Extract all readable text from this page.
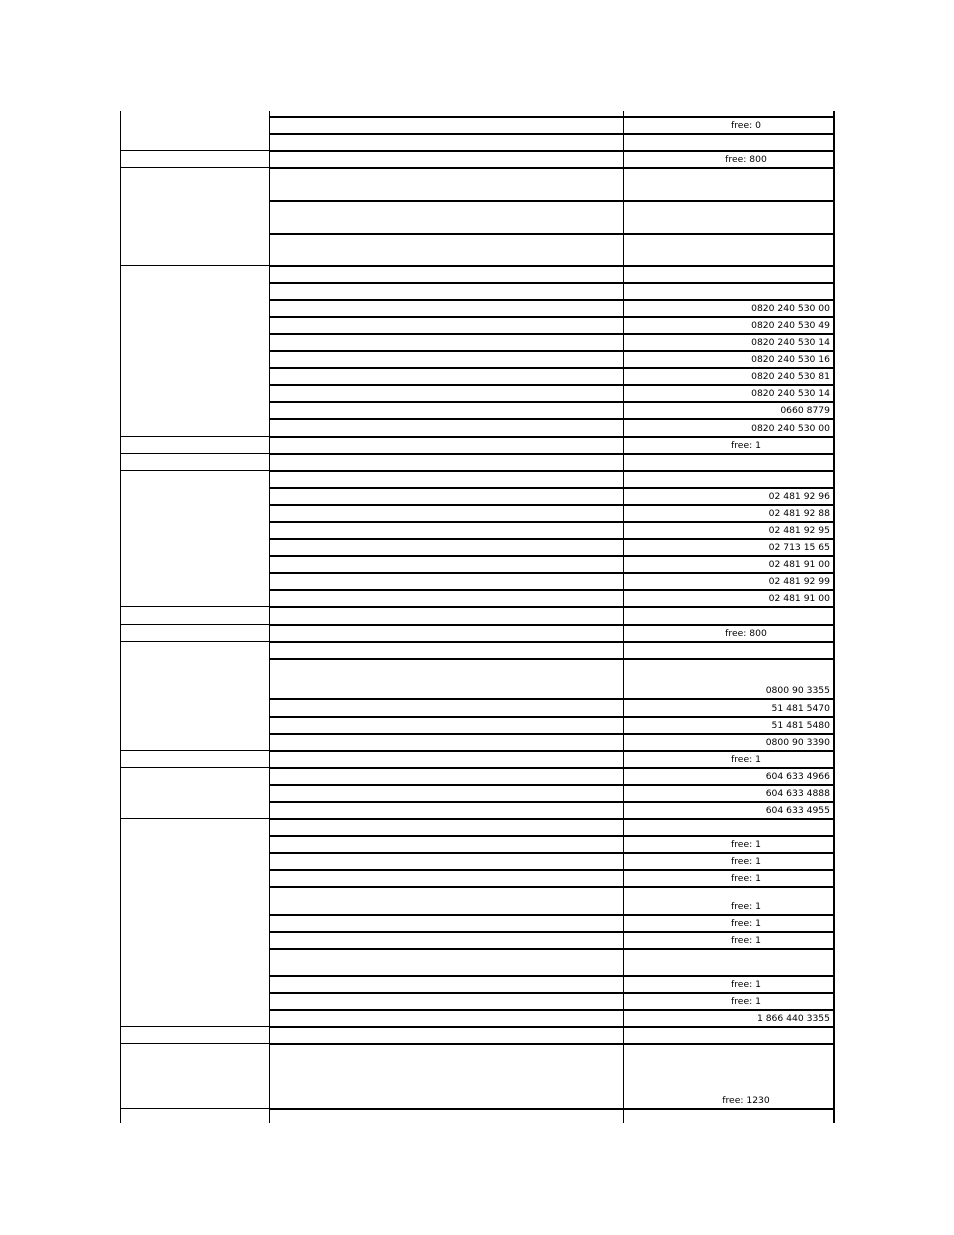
free: 0
free: 800
0820 240 530 00
0820 240 530 49
0820 240 530 14
0820 240 530 16
0820 240 530 81
0820 240 530 14
0660 8779
0820 240 530 00
free: 1
02 481 92 96
02 481 92 88
02 481 92 95
02 713 15 65
02 481 91 00
02 481 92 99
02 481 91 00
free: 800
0800 90 3355
51 481 5470
51 481 5480
0800 90 3390
free: 1
604 633 4966
604 633 4888
604 633 4955
free: 1
free: 1
free: 1
free: 1
free: 1
free: 1
free: 1
free: 1
1 866 440 3355
free: 1230
